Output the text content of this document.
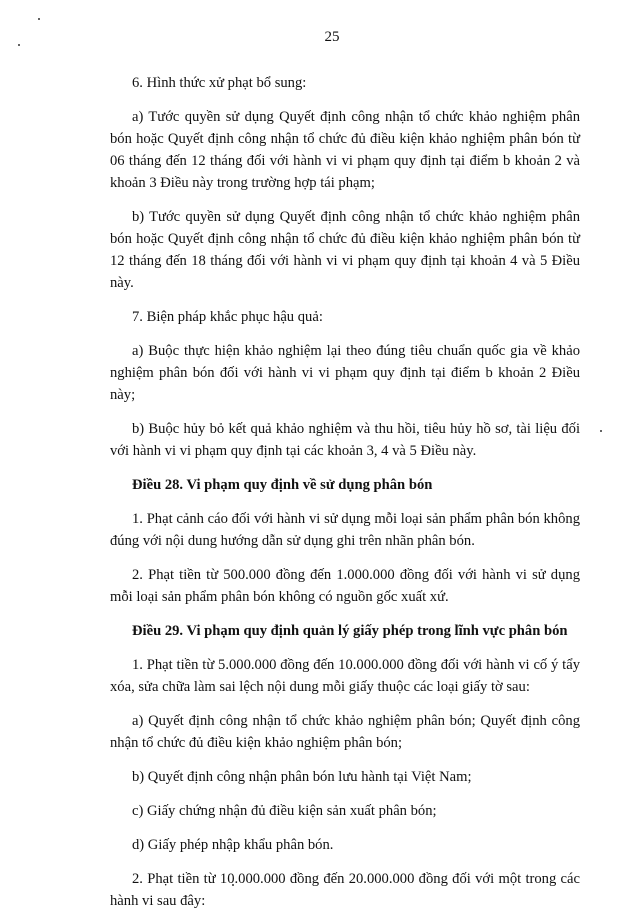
25

6. Hình thức xử phạt bổ sung:

a) Tước quyền sử dụng Quyết định công nhận tổ chức khảo nghiệm phân bón hoặc Quyết định công nhận tổ chức đủ điều kiện khảo nghiệm phân bón từ 06 tháng đến 12 tháng đối với hành vi vi phạm quy định tại điểm b khoản 2 và khoản 3 Điều này trong trường hợp tái phạm;

b) Tước quyền sử dụng Quyết định công nhận tổ chức khảo nghiệm phân bón hoặc Quyết định công nhận tổ chức đủ điều kiện khảo nghiệm phân bón từ 12 tháng đến 18 tháng đối với hành vi vi phạm quy định tại khoản 4 và 5 Điều này.

7. Biện pháp khắc phục hậu quả:

a) Buộc thực hiện khảo nghiệm lại theo đúng tiêu chuẩn quốc gia về khảo nghiệm phân bón đối với hành vi vi phạm quy định tại điểm b khoản 2 Điều này;

b) Buộc hủy bỏ kết quả khảo nghiệm và thu hồi, tiêu hủy hồ sơ, tài liệu đối với hành vi vi phạm quy định tại các khoản 3, 4 và 5 Điều này.

Điều 28. Vi phạm quy định về sử dụng phân bón

1. Phạt cảnh cáo đối với hành vi sử dụng mỗi loại sản phẩm phân bón không đúng với nội dung hướng dẫn sử dụng ghi trên nhãn phân bón.

2. Phạt tiền từ 500.000 đồng đến 1.000.000 đồng đối với hành vi sử dụng mỗi loại sản phẩm phân bón không có nguồn gốc xuất xứ.

Điều 29. Vi phạm quy định quản lý giấy phép trong lĩnh vực phân bón

1. Phạt tiền từ 5.000.000 đồng đến 10.000.000 đồng đối với hành vi cố ý tẩy xóa, sửa chữa làm sai lệch nội dung mỗi giấy thuộc các loại giấy tờ sau:

a) Quyết định công nhận tổ chức khảo nghiệm phân bón; Quyết định công nhận tổ chức đủ điều kiện khảo nghiệm phân bón;

b) Quyết định công nhận phân bón lưu hành tại Việt Nam;

c) Giấy chứng nhận đủ điều kiện sản xuất phân bón;

d) Giấy phép nhập khẩu phân bón.

2. Phạt tiền từ 10.000.000 đồng đến 20.000.000 đồng đối với một trong các hành vi sau đây:
